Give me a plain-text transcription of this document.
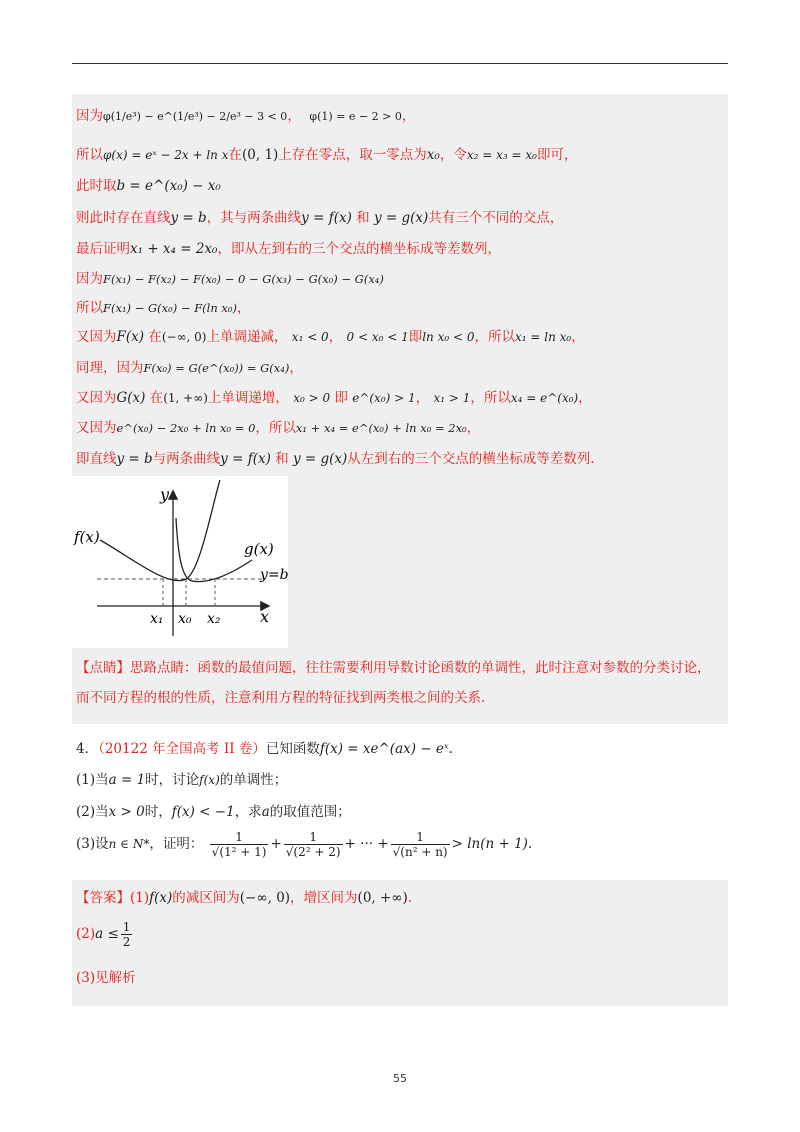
因为φ(1/e³) − e^(1/e³) − 2/e³ − 3 < 0， φ(1) = e − 2 > 0，
所以φ(x) = eˣ − 2x + ln x在(0, 1)上存在零点，取一零点为x₀，令x₂ = x₃ = x₀即可，
此时取b = e^(x₀) − x₀
则此时存在直线y = b，其与两条曲线y = f(x) 和 y = g(x)共有三个不同的交点，
最后证明x₁ + x₄ = 2x₀，即从左到右的三个交点的横坐标成等差数列，
因为F(x₁) − F(x₂) − F(x₀) − 0 − G(x₃) − G(x₀) − G(x₄)
所以F(x₁) − G(x₀) − F(ln x₀)，
又因为F(x) 在(−∞, 0)上单调递减， x₁ < 0， 0 < x₀ < 1即ln x₀ < 0，所以x₁ = ln x₀，
同理，因为F(x₀) = G(e^(x₀)) = G(x₄)，
又因为G(x) 在(1, +∞)上单调递增， x₀ > 0 即 e^(x₀) > 1， x₁ > 1，所以x₄ = e^(x₀)，
又因为e^(x₀) − 2x₀ + ln x₀ = 0，所以x₁ + x₄ = e^(x₀) + ln x₀ = 2x₀，
即直线y = b与两条曲线y = f(x) 和 y = g(x)从左到右的三个交点的横坐标成等差数列.
【点睛】思路点睛：函数的最值问题，往往需要利用导数讨论函数的单调性，此时注意对参数的分类讨论，
而不同方程的根的性质，注意利用方程的特征找到两类根之间的关系.
y
x
f(x)
g(x)
y=b
x₁ x₀ x₂
4．（20122 年全国高考 II 卷）已知函数f(x) = xe^(ax) − eˣ.
(1)当a = 1时，讨论f(x)的单调性；
(2)当x > 0时，f(x) < −1，求a的取值范围；
(3)设n ∈ N*，证明： $\frac{1}{\text{√(1² + 1)}} + \frac{1}{\text{√(2² + 2)}}$ + ··· + $\frac{1}{\text{√(n² + n)}} > \ln(n + 1)$.
【答案】(1)f(x)的减区间为(−∞, 0)，增区间为(0, +∞).
$(2)a \le \frac{1}{2}$
(3)见解析
55
